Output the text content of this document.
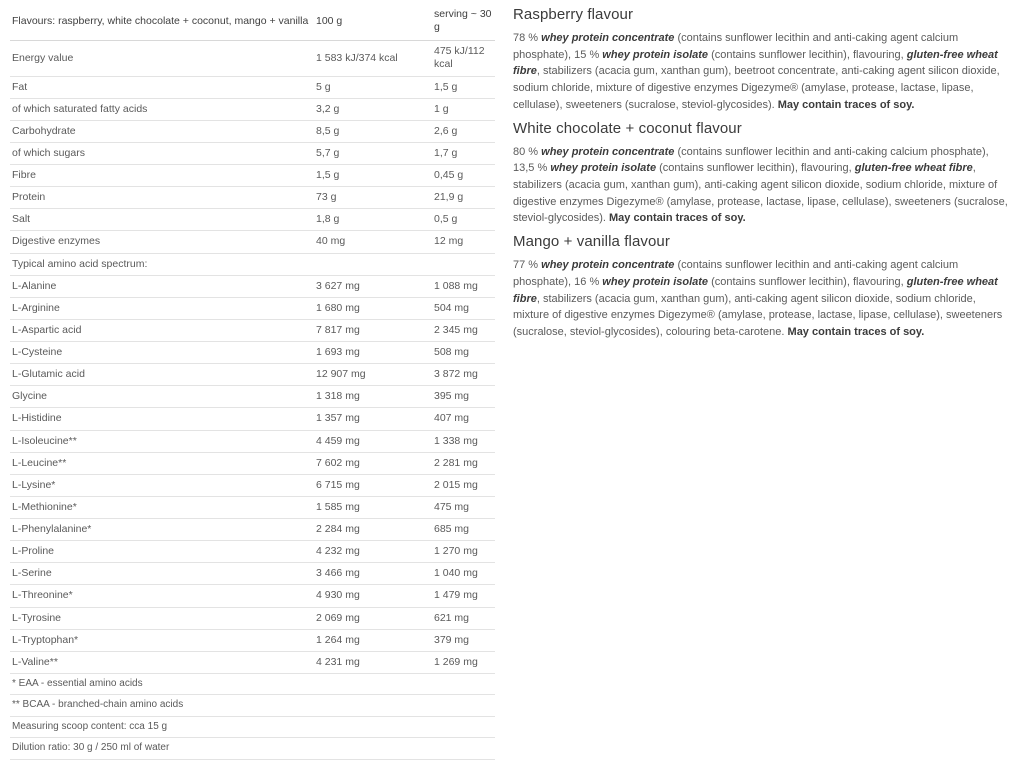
Flavours: raspberry, white chocolate + coconut, mango + vanilla	100 g	serving ~ 30 g
Energy value	1 583 kJ/374 kcal	475 kJ/112 kcal
Fat	5 g	1,5 g
of which saturated fatty acids	3,2 g	1 g
Carbohydrate	8,5 g	2,6 g
of which sugars	5,7 g	1,7 g
Fibre	1,5 g	0,45 g
Protein	73 g	21,9 g
Salt	1,8 g	0,5 g
Digestive enzymes	40 mg	12 mg
Typical amino acid spectrum:		
L-Alanine	3 627 mg	1 088 mg
L-Arginine	1 680 mg	504 mg
L-Aspartic acid	7 817 mg	2 345 mg
L-Cysteine	1 693 mg	508 mg
L-Glutamic acid	12 907 mg	3 872 mg
Glycine	1 318 mg	395 mg
L-Histidine	1 357 mg	407 mg
L-Isoleucine**	4 459 mg	1 338 mg
L-Leucine**	7 602 mg	2 281 mg
L-Lysine*	6 715 mg	2 015 mg
L-Methionine*	1 585 mg	475 mg
L-Phenylalanine*	2 284 mg	685 mg
L-Proline	4 232 mg	1 270 mg
L-Serine	3 466 mg	1 040 mg
L-Threonine*	4 930 mg	1 479 mg
L-Tyrosine	2 069 mg	621 mg
L-Tryptophan*	1 264 mg	379 mg
L-Valine**	4 231 mg	1 269 mg
* EAA - essential amino acids		
** BCAA - branched-chain amino acids		
Measuring scoop content: cca 15 g		
Dilution ratio: 30 g / 250 ml of water		
Raspberry flavour

78 % whey protein concentrate (contains sunflower lecithin and anti-caking agent calcium phosphate), 15 % whey protein isolate (contains sunflower lecithin), flavouring, gluten-free wheat fibre, stabilizers (acacia gum, xanthan gum), beetroot concentrate, anti-caking agent silicon dioxide, sodium chloride, mixture of digestive enzymes Digezyme® (amylase, protease, lactase, lipase, cellulase), sweeteners (sucralose, steviol-glycosides). May contain traces of soy.

White chocolate + coconut flavour

80 % whey protein concentrate (contains sunflower lecithin and anti-caking calcium phosphate), 13,5 % whey protein isolate (contains sunflower lecithin), flavouring, gluten-free wheat fibre, stabilizers (acacia gum, xanthan gum), anti-caking agent silicon dioxide, sodium chloride, mixture of digestive enzymes Digezyme® (amylase, protease, lactase, lipase, cellulase), sweeteners (sucralose, steviol-glycosides). May contain traces of soy.

Mango + vanilla flavour

77 % whey protein concentrate (contains sunflower lecithin and anti-caking agent calcium phosphate), 16 % whey protein isolate (contains sunflower lecithin), flavouring, gluten-free wheat fibre, stabilizers (acacia gum, xanthan gum), anti-caking agent silicon dioxide, sodium chloride, mixture of digestive enzymes Digezyme® (amylase, protease, lactase, lipase, cellulase), sweeteners (sucralose, steviol-glycosides), colouring beta-carotene. May contain traces of soy.
